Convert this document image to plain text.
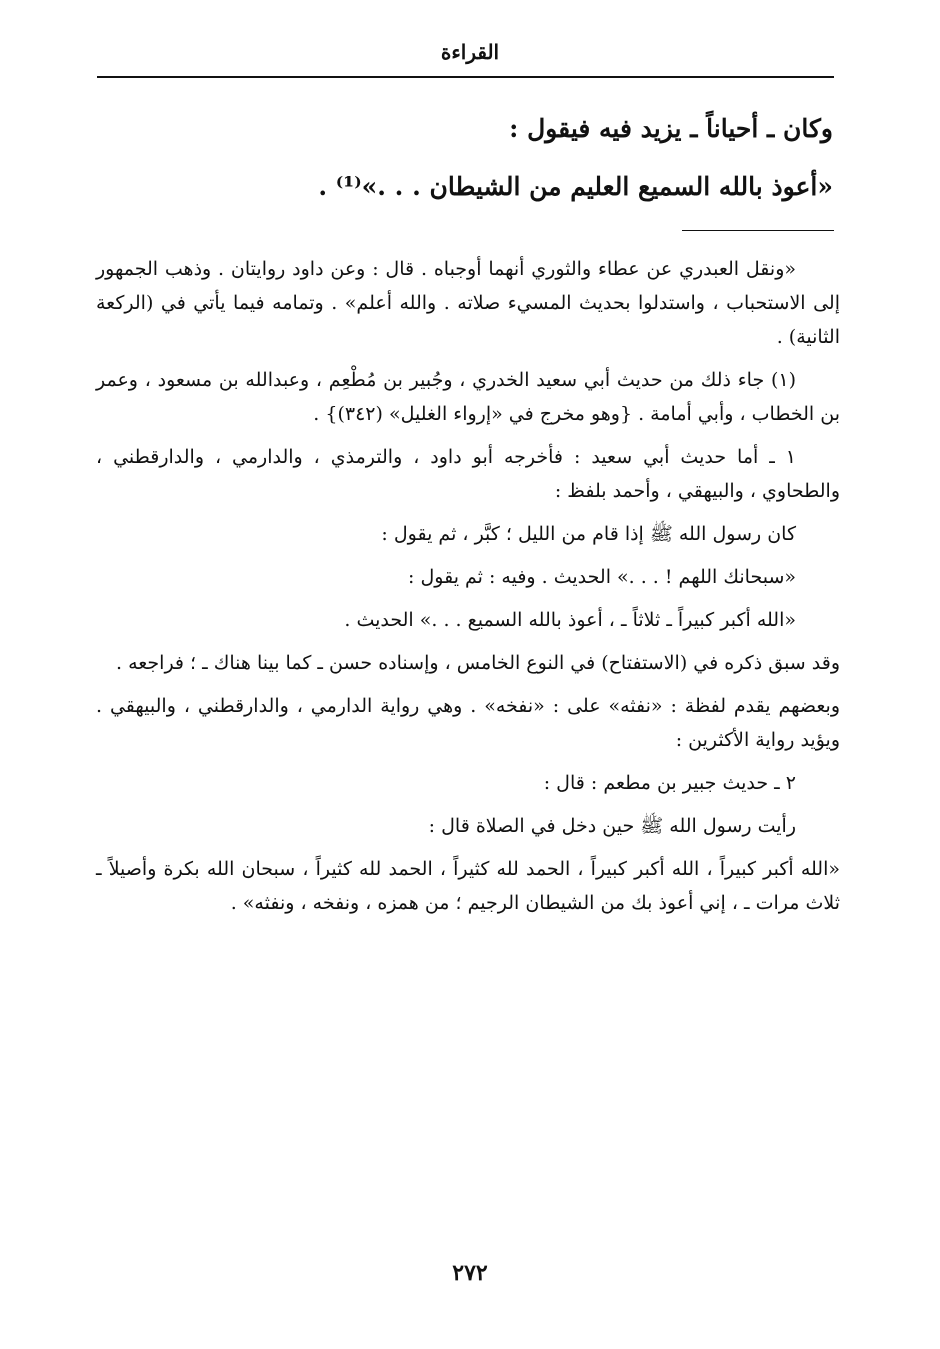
القراءة

وكان ـ أحياناً ـ يزيد فيه فيقول :

«أعوذ بالله السميع العليم من الشيطان . . .»⁽¹⁾ .

«ونقل العبدري عن عطاء والثوري أنهما أوجباه . قال : وعن داود روايتان . وذهب الجمهور إلى الاستحباب ، واستدلوا بحديث المسيء صلاته . والله أعلم» . وتمامه فيما يأتي في (الركعة الثانية) .

(١) جاء ذلك من حديث أبي سعيد الخدري ، وجُبير بن مُطْعِم ، وعبدالله بن مسعود ، وعمر بن الخطاب ، وأبي أمامة . {وهو مخرج في «إرواء الغليل» (٣٤٢)} .

١ ـ أما حديث أبي سعيد : فأخرجه أبو داود ، والترمذي ، والدارمي ، والدارقطني ، والطحاوي ، والبيهقي ، وأحمد بلفظ :

كان رسول الله ﷺ إذا قام من الليل ؛ كبَّر ، ثم يقول :

«سبحانك اللهم ! . . .» الحديث . وفيه : ثم يقول :

«الله أكبر كبيراً ـ ثلاثاً ـ ، أعوذ بالله السميع . . .» الحديث .

وقد سبق ذكره في (الاستفتاح) في النوع الخامس ، وإسناده حسن ـ كما بينا هناك ـ ؛ فراجعه .

وبعضهم يقدم لفظة : «نفثه» على : «نفخه» . وهي رواية الدارمي ، والدارقطني ، والبيهقي . ويؤيد رواية الأكثرين :

٢ ـ حديث جبير بن مطعم : قال :

رأيت رسول الله ﷺ حين دخل في الصلاة قال :

«الله أكبر كبيراً ، الله أكبر كبيراً ، الحمد لله كثيراً ، الحمد لله كثيراً ، سبحان الله بكرة وأصيلاً ـ ثلاث مرات ـ ، إني أعوذ بك من الشيطان الرجيم ؛ من همزه ، ونفخه ، ونفثه» .

٢٧٢
